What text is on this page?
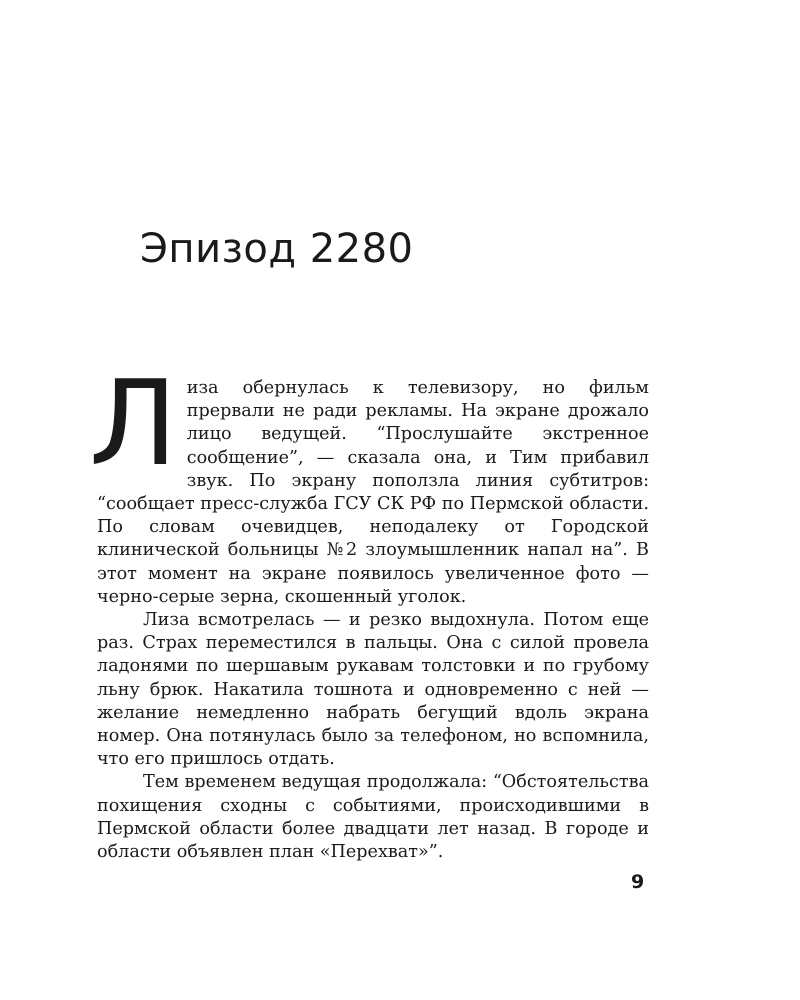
Эпизод 2280

Лиза обернулась к телевизору, но фильм прервали не ради рекламы. На экране дрожало лицо ведущей. “Прослушайте экстренное сообщение”, — сказала она, и Тим прибавил звук. По экрану поползла линия субтитров: “сообщает пресс-служба ГСУ СК РФ по Пермской области. По словам очевидцев, неподалеку от Городской клинической больницы №2 злоумышленник напал на”. В этот момент на экране появилось увеличенное фото — черно-серые зерна, скошенный уголок.

Лиза всмотрелась — и резко выдохнула. Потом еще раз. Страх переместился в пальцы. Она с силой провела ладонями по шершавым рукавам толстовки и по грубому льну брюк. Накатила тошнота и одновременно с ней — желание немедленно набрать бегущий вдоль экрана номер. Она потянулась было за телефоном, но вспомнила, что его пришлось отдать.

Тем временем ведущая продолжала: “Обстоятельства похищения сходны с событиями, происходившими в Пермской области более двадцати лет назад. В городе и области объявлен план «Перехват»”.

9
